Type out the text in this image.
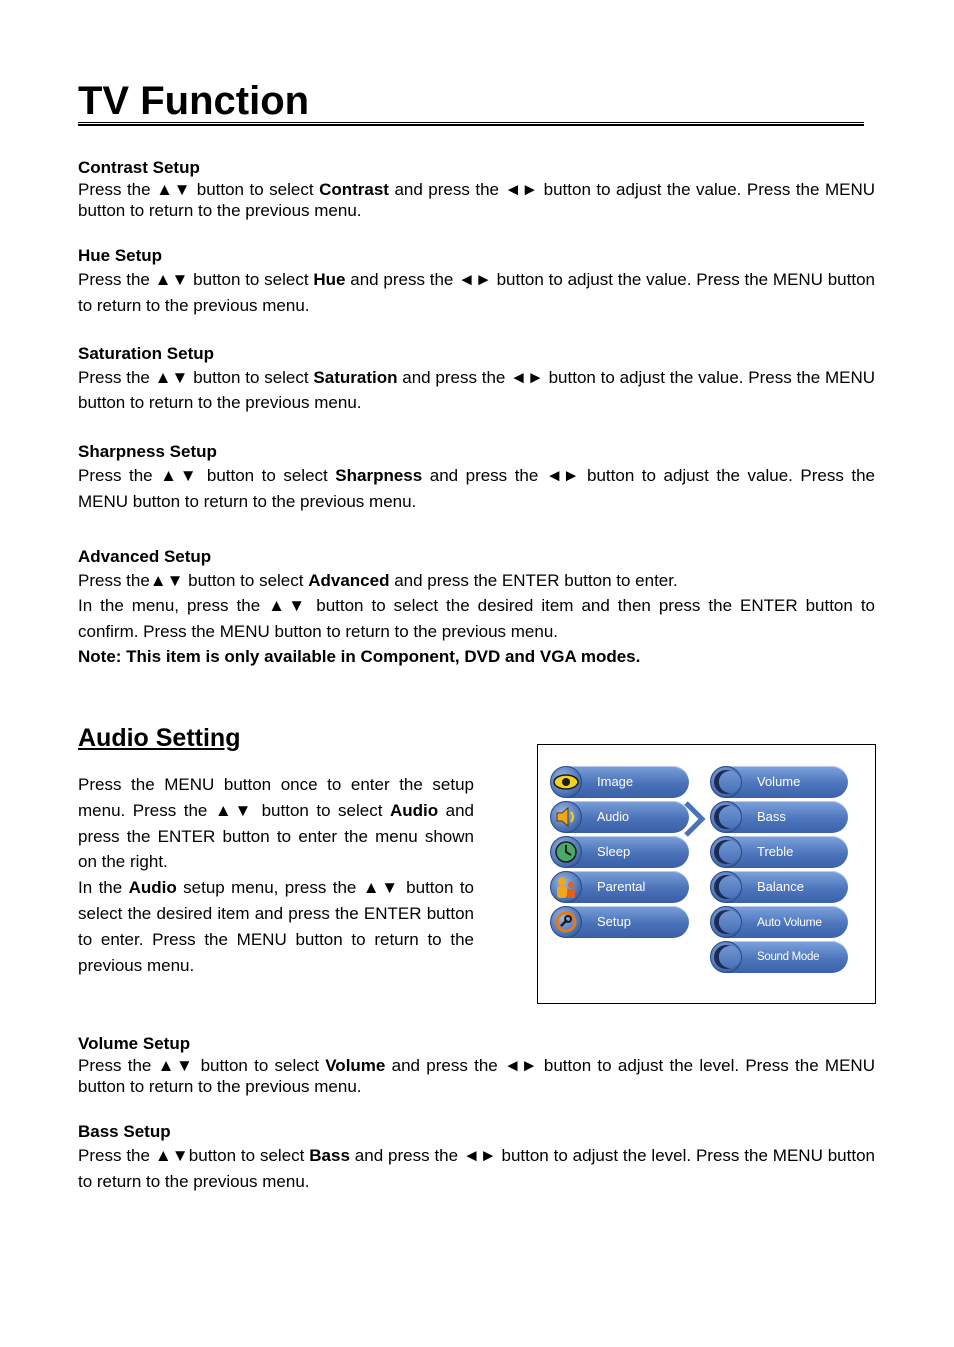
TV Function
Contrast Setup

Press the ▲▼ button to select Contrast and press the ◄► button to adjust the value. Press the MENU button to return to the previous menu.

Hue Setup

Press the ▲▼ button to select Hue and press the ◄► button to adjust the value. Press the MENU button to return to the previous menu.

Saturation Setup

Press the ▲▼ button to select Saturation and press the ◄► button to adjust the value. Press the MENU button to return to the previous menu.

Sharpness Setup

Press the ▲▼ button to select Sharpness and press the ◄► button to adjust the value. Press the MENU button to return to the previous menu.

Advanced Setup

Press the▲▼ button to select Advanced and press the ENTER button to enter.

In the menu, press the ▲▼ button to select the desired item and then press the ENTER button to confirm. Press the MENU button to return to the previous menu.

Note: This item is only available in Component, DVD and VGA modes.

Audio Setting

Press the MENU button once to enter the setup menu. Press the ▲▼ button to select Audio and press the ENTER button to enter the menu shown on the right.

In the Audio setup menu, press the ▲▼ button to select the desired item and press the ENTER button to enter. Press the MENU button to return to the previous menu.

Image
Audio
Sleep
Parental
Setup
Volume
Bass
Treble
Balance
Auto Volume
Sound Mode
Volume Setup

Press the ▲▼ button to select Volume and press the ◄► button to adjust the level. Press the MENU button to return to the previous menu.

Bass Setup

Press the ▲▼button to select Bass and press the ◄► button to adjust the level. Press the MENU button to return to the previous menu.
